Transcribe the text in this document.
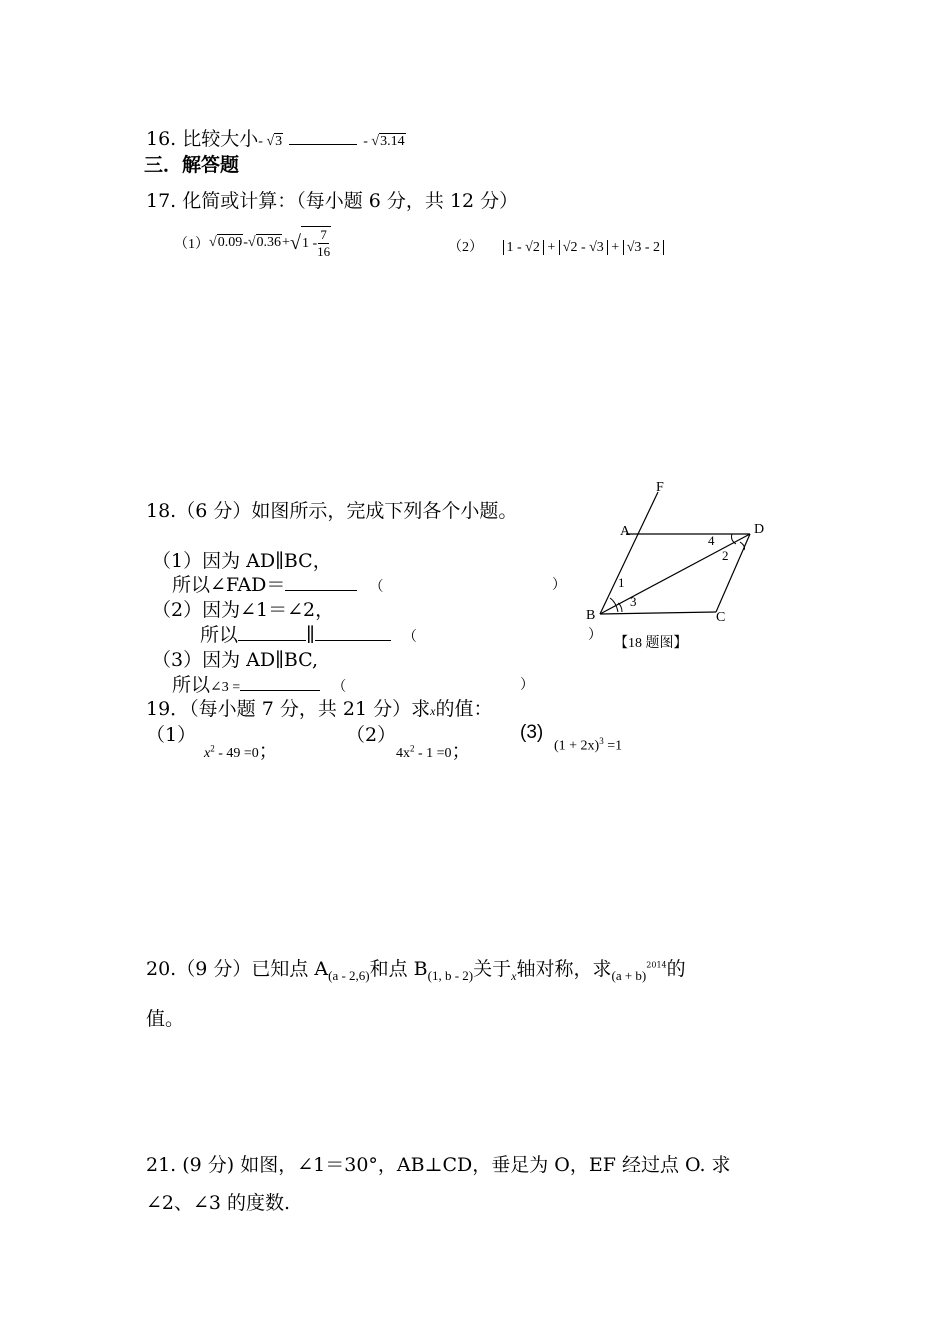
16. 比较大小- √3	- √3.14
三．解答题
17. 化简或计算：（每小题 6 分，共 12 分）
（1） √0.09 - √0.36 + √ $1 - \frac{7}{16}$	（2） 1 - √2 + √2 - √3 + √3 - 2
18.（6 分）如图所示，完成下列各个小题。
（1）因为 AD∥BC，
所以∠FAD＝	（	）
（2）因为∠1＝∠2，
所以	∥	（	）
（3）因为 AD∥BC,
所以∠3 =	（	）
F
A	D
B	C
1
2
3
4
【18 题图】
19．（每小题 7 分，共 21 分）求x的值：
（1）
$x^2 - 49 =0$；
（2）
$4x^2 - 1 =0$；
(3)
$(1 + 2x)^3 =1$
20.（9 分）已知点 $A_{(a - 2,6)}$和点 $B_{(1, b - 2)}$关于$_x$轴对称，求$_{(a + b)}^{2014}$的
值。
21. (9 分) 如图，∠1＝30°，AB⊥CD，垂足为 O，EF 经过点 O. 求
∠2、∠3 的度数.
